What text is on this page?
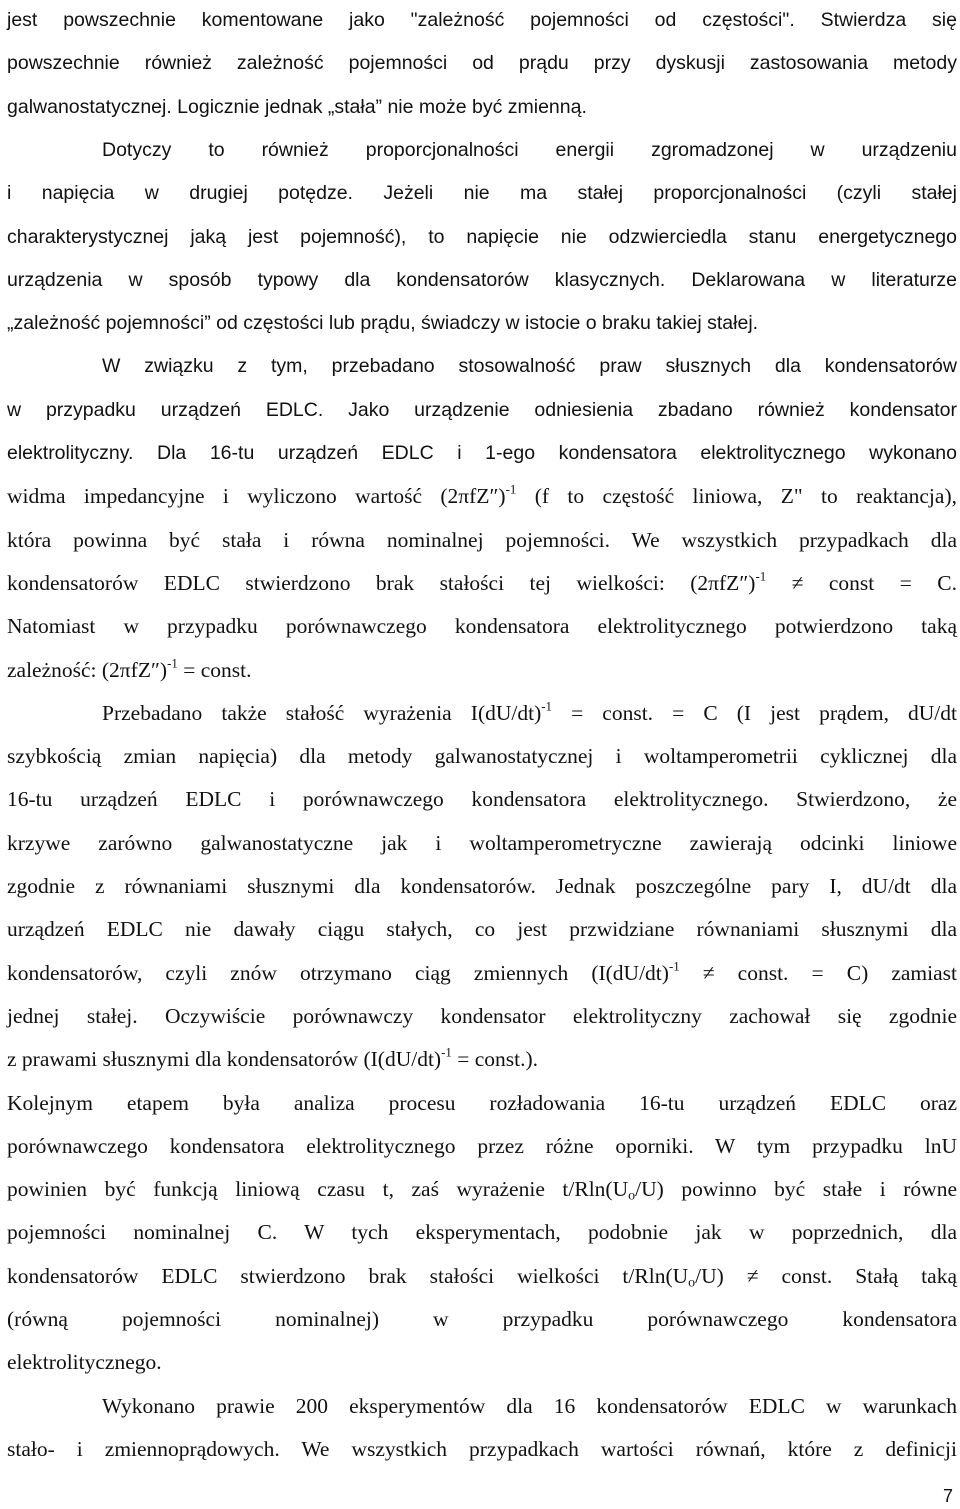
jest powszechnie komentowane jako "zależność pojemności od częstości". Stwierdza się
powszechnie również zależność pojemności od prądu przy dyskusji zastosowania metody
galwanostatycznej. Logicznie jednak „stała” nie może być zmienną.
Dotyczy to również proporcjonalności energii zgromadzonej w urządzeniu
i napięcia w drugiej potędze. Jeżeli nie ma stałej proporcjonalności (czyli stałej
charakterystycznej jaką jest pojemność), to napięcie nie odzwierciedla stanu energetycznego
urządzenia w sposób typowy dla kondensatorów klasycznych. Deklarowana w literaturze
„zależność pojemności” od częstości lub prądu, świadczy w istocie o braku takiej stałej.
W związku z tym, przebadano stosowalność praw słusznych dla kondensatorów
w przypadku urządzeń EDLC. Jako urządzenie odniesienia zbadano również kondensator
elektrolityczny. Dla 16-tu urządzeń EDLC i 1-ego kondensatora elektrolitycznego wykonano
widma impedancyjne i wyliczono wartość $(2\pi fZ'')^{-1}$ (f to częstość liniowa, Z" to reaktancja),
która powinna być stała i równa nominalnej pojemności. We wszystkich przypadkach dla
kondensatorów EDLC stwierdzono brak stałości tej wielkości: $(2\pi fZ'')^{-1}$ ≠ const = C.
Natomiast w przypadku porównawczego kondensatora elektrolitycznego potwierdzono taką
zależność: $(2\pi fZ'')^{-1}$ = const.
Przebadano także stałość wyrażenia $I(dU/dt)^{-1}$ = const. = C (I jest prądem, dU/dt
szybkością zmian napięcia) dla metody galwanostatycznej i woltamperometrii cyklicznej dla
16-tu urządzeń EDLC i porównawczego kondensatora elektrolitycznego. Stwierdzono, że
krzywe zarówno galwanostatyczne jak i woltamperometryczne zawierają odcinki liniowe
zgodnie z równaniami słusznymi dla kondensatorów. Jednak poszczególne pary I, dU/dt dla
urządzeń EDLC nie dawały ciągu stałych, co jest przwidziane równaniami słusznymi dla
kondensatorów, czyli znów otrzymano ciąg zmiennych ($I(dU/dt)^{-1}$ ≠ const. = C) zamiast
jednej stałej. Oczywiście porównawczy kondensator elektrolityczny zachował się zgodnie
z prawami słusznymi dla kondensatorów ($I(dU/dt)^{-1}$ = const.).
Kolejnym etapem była analiza procesu rozładowania 16-tu urządzeń EDLC oraz
porównawczego kondensatora elektrolitycznego przez różne oporniki. W tym przypadku lnU
powinien być funkcją liniową czasu t, zaś wyrażenie $t/Rln(U_o/U)$ powinno być stałe i równe
pojemności nominalnej C. W tych eksperymentach, podobnie jak w poprzednich, dla
kondensatorów EDLC stwierdzono brak stałości wielkości $t/Rln(U_o/U)$ ≠ const. Stałą taką
(równą pojemności nominalnej) w przypadku porównawczego kondensatora
elektrolitycznego.
Wykonano prawie 200 eksperymentów dla 16 kondensatorów EDLC w warunkach
stało- i zmiennoprądowych. We wszystkich przypadkach wartości równań, które z definicji
7
